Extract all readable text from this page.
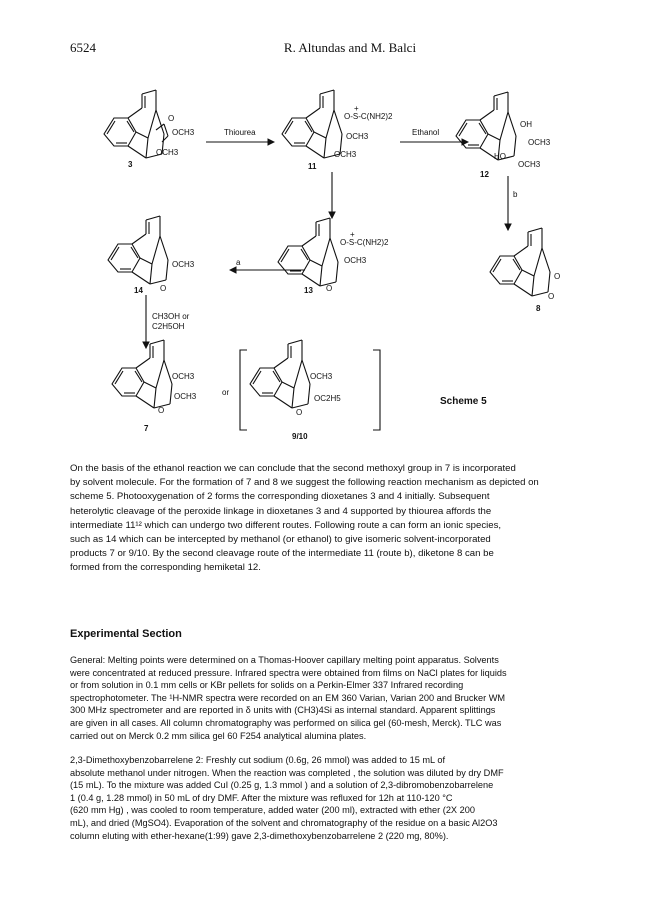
6524	R. Altundas and M. Balci
OCH3
OCH3
O
3
Thiourea
+
O-S-C(NH2)2
OCH3
OCH3
11
Ethanol
OH
OCH3
HO
OCH3
12
b
+
O-S-C(NH2)2
OCH3
O
13
a
OCH3
O
14
O
O
8
CH3OH or
C2H5OH
OCH3
OCH3
O
7
or
OCH3
OC2H5
O
9/10
Scheme 5
On the basis of the ethanol reaction we can conclude that the second methoxyl group in 7 is incorporated
by solvent molecule. For the formation of 7 and 8 we suggest the following reaction mechanism as depicted on
scheme 5. Photooxygenation of 2 forms the corresponding dioxetanes 3 and 4 initially. Subsequent
heterolytic cleavage of the peroxide linkage in dioxetanes 3 and 4 supported by thiourea affords the
intermediate 11¹² which can undergo two different routes. Following route a can form an ionic species,
such as 14 which can be intercepted by methanol (or ethanol) to give isomeric solvent-incorporated
products 7 or 9/10. By the second cleavage route of the intermediate 11 (route b), diketone 8 can be
formed from the corresponding hemiketal 12.
Experimental Section
General: Melting points were determined on a Thomas-Hoover capillary melting point apparatus. Solvents
were concentrated at reduced pressure. Infrared spectra were obtained from films on NaCl plates for liquids
or from solution in 0.1 mm cells or KBr pellets for solids on a Perkin-Elmer 337 Infrared recording
spectrophotometer. The ¹H-NMR spectra were recorded on an EM 360 Varian, Varian 200 and Brucker WM
300 MHz spectrometer and are reported in δ units with (CH3)4Si as internal standard. Apparent splittings
are given in all cases. All column chromatography was performed on silica gel (60-mesh, Merck). TLC was
carried out on Merck 0.2 mm silica gel 60 F254 analytical alumina plates.
2,3-Dimethoxybenzobarrelene 2: Freshly cut sodium (0.6g, 26 mmol) was added to 15 mL of
absolute methanol under nitrogen. When the reaction was completed , the solution was diluted by dry DMF
(15 mL). To the mixture was added CuI (0.25 g, 1.3 mmol ) and a solution of 2,3-dibromobenzobarrelene
1 (0.4 g, 1.28 mmol) in 50 mL of dry DMF. After the mixture was refluxed for 12h at 110-120 °C
(620 mm Hg) , was cooled to room temperature, added water (200 ml), extracted with ether (2X 200
mL), and dried (MgSO4). Evaporation of the solvent and chromatography of the residue on a basic Al2O3
column eluting with ether-hexane(1:99) gave 2,3-dimethoxybenzobarrelene 2 (220 mg, 80%).
